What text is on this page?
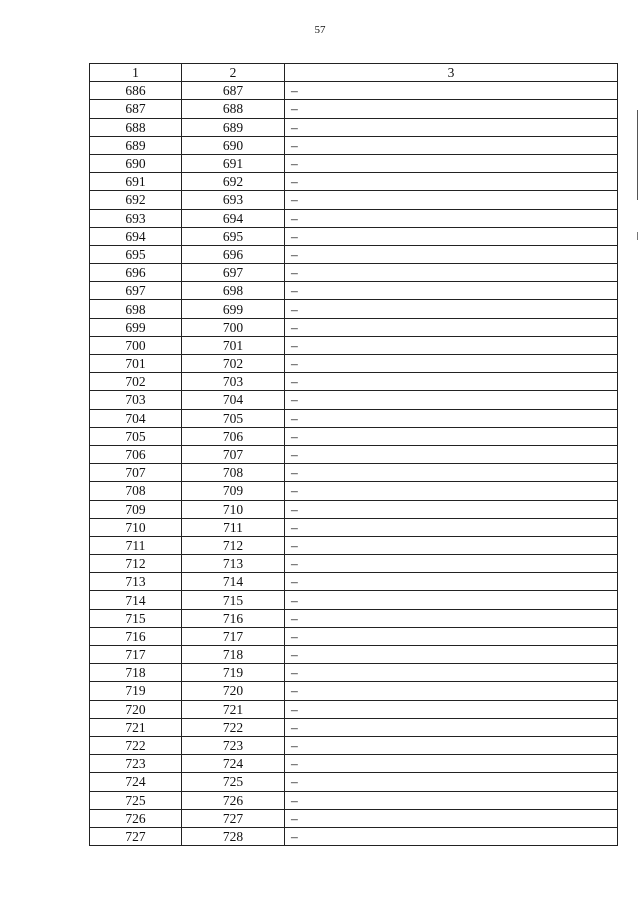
57
1	2	3
686	687	–
687	688	–
688	689	–
689	690	–
690	691	–
691	692	–
692	693	–
693	694	–
694	695	–
695	696	–
696	697	–
697	698	–
698	699	–
699	700	–
700	701	–
701	702	–
702	703	–
703	704	–
704	705	–
705	706	–
706	707	–
707	708	–
708	709	–
709	710	–
710	711	–
711	712	–
712	713	–
713	714	–
714	715	–
715	716	–
716	717	–
717	718	–
718	719	–
719	720	–
720	721	–
721	722	–
722	723	–
723	724	–
724	725	–
725	726	–
726	727	–
727	728	–
